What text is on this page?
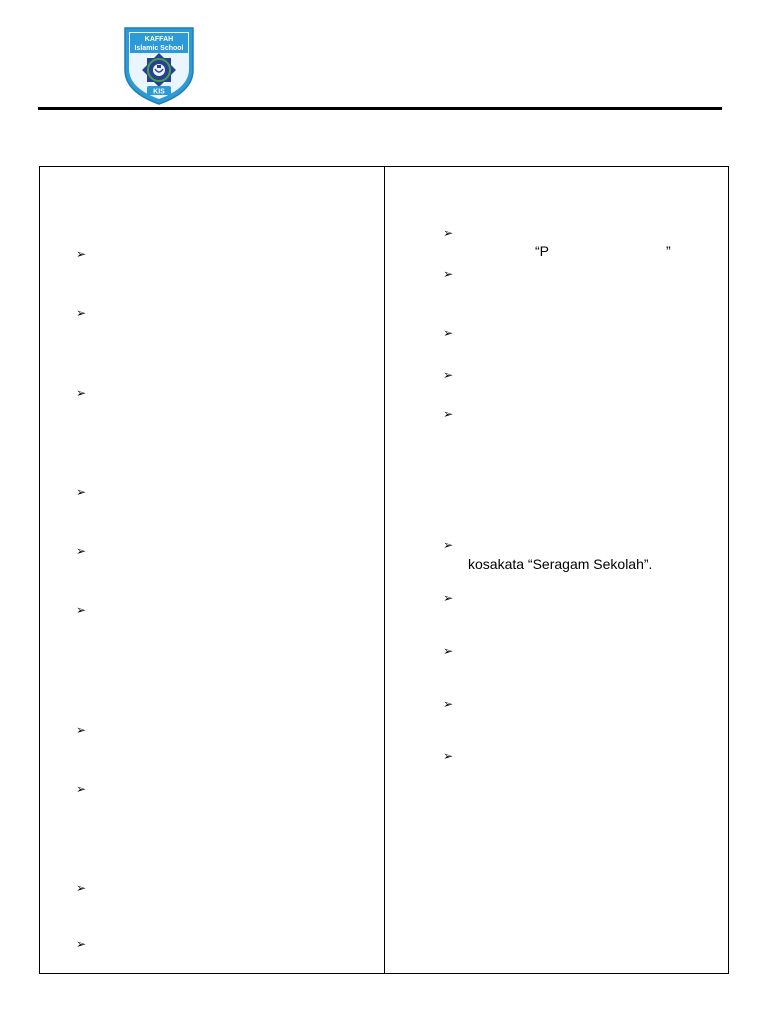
KAFFAH
Islamic School
KIS
➢
➢
➢
➢
➢
➢
➢
➢
➢
➢
➢
“P	”
➢
➢
➢
➢
➢
kosakata “Seragam Sekolah”.
➢
➢
➢
➢
